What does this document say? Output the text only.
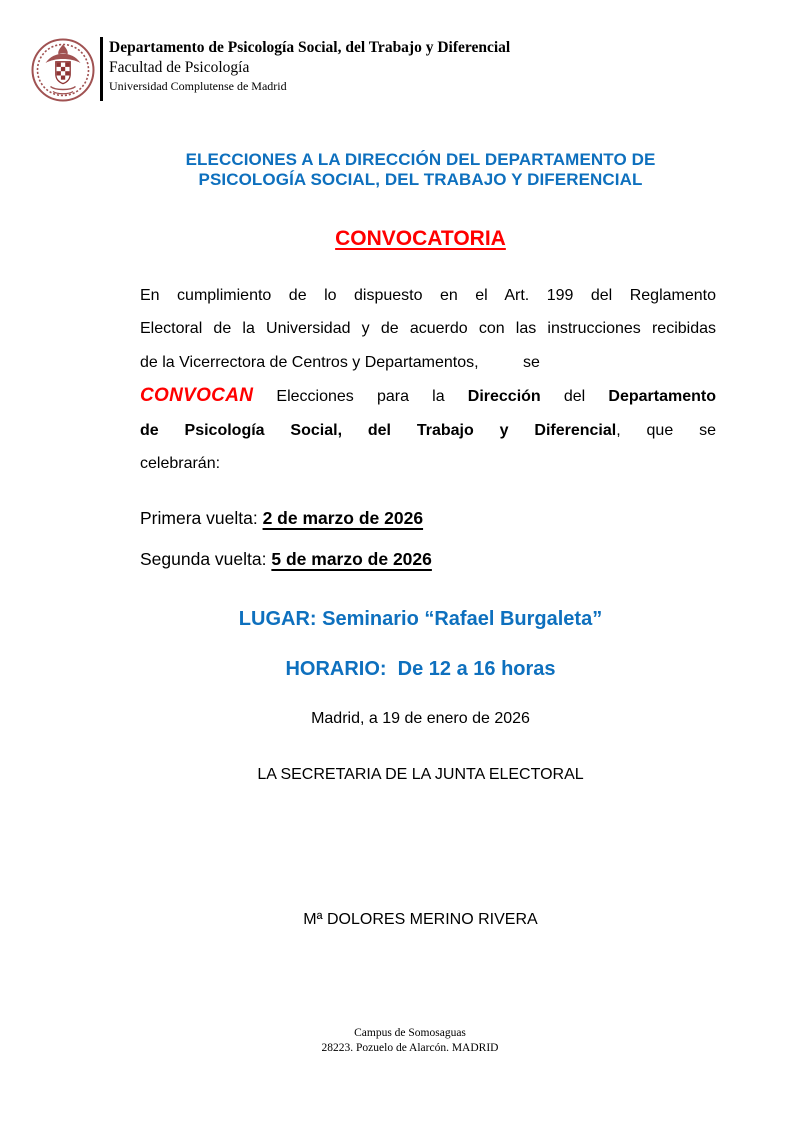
Departamento de Psicología Social, del Trabajo y Diferencial
Facultad de Psicología
Universidad Complutense de Madrid
ELECCIONES A LA DIRECCIÓN DEL DEPARTAMENTO DE
PSICOLOGÍA SOCIAL, DEL TRABAJO Y DIFERENCIAL
CONVOCATORIA
En cumplimiento de lo dispuesto en el Art. 199 del Reglamento
Electoral de la Universidad y de acuerdo con las instrucciones recibidas
de la Vicerrectora de Centros y Departamentos,          se
CONVOCAN Elecciones para la Dirección del Departamento
de Psicología Social, del Trabajo y Diferencial, que se
celebrarán:
Primera vuelta: 2 de marzo de 2026
Segunda vuelta: 5 de marzo de 2026
LUGAR: Seminario “Rafael Burgaleta”
HORARIO:  De 12 a 16 horas
Madrid, a 19 de enero de 2026
LA SECRETARIA DE LA JUNTA ELECTORAL
Mª DOLORES MERINO RIVERA
Campus de Somosaguas
28223. Pozuelo de Alarcón. MADRID
